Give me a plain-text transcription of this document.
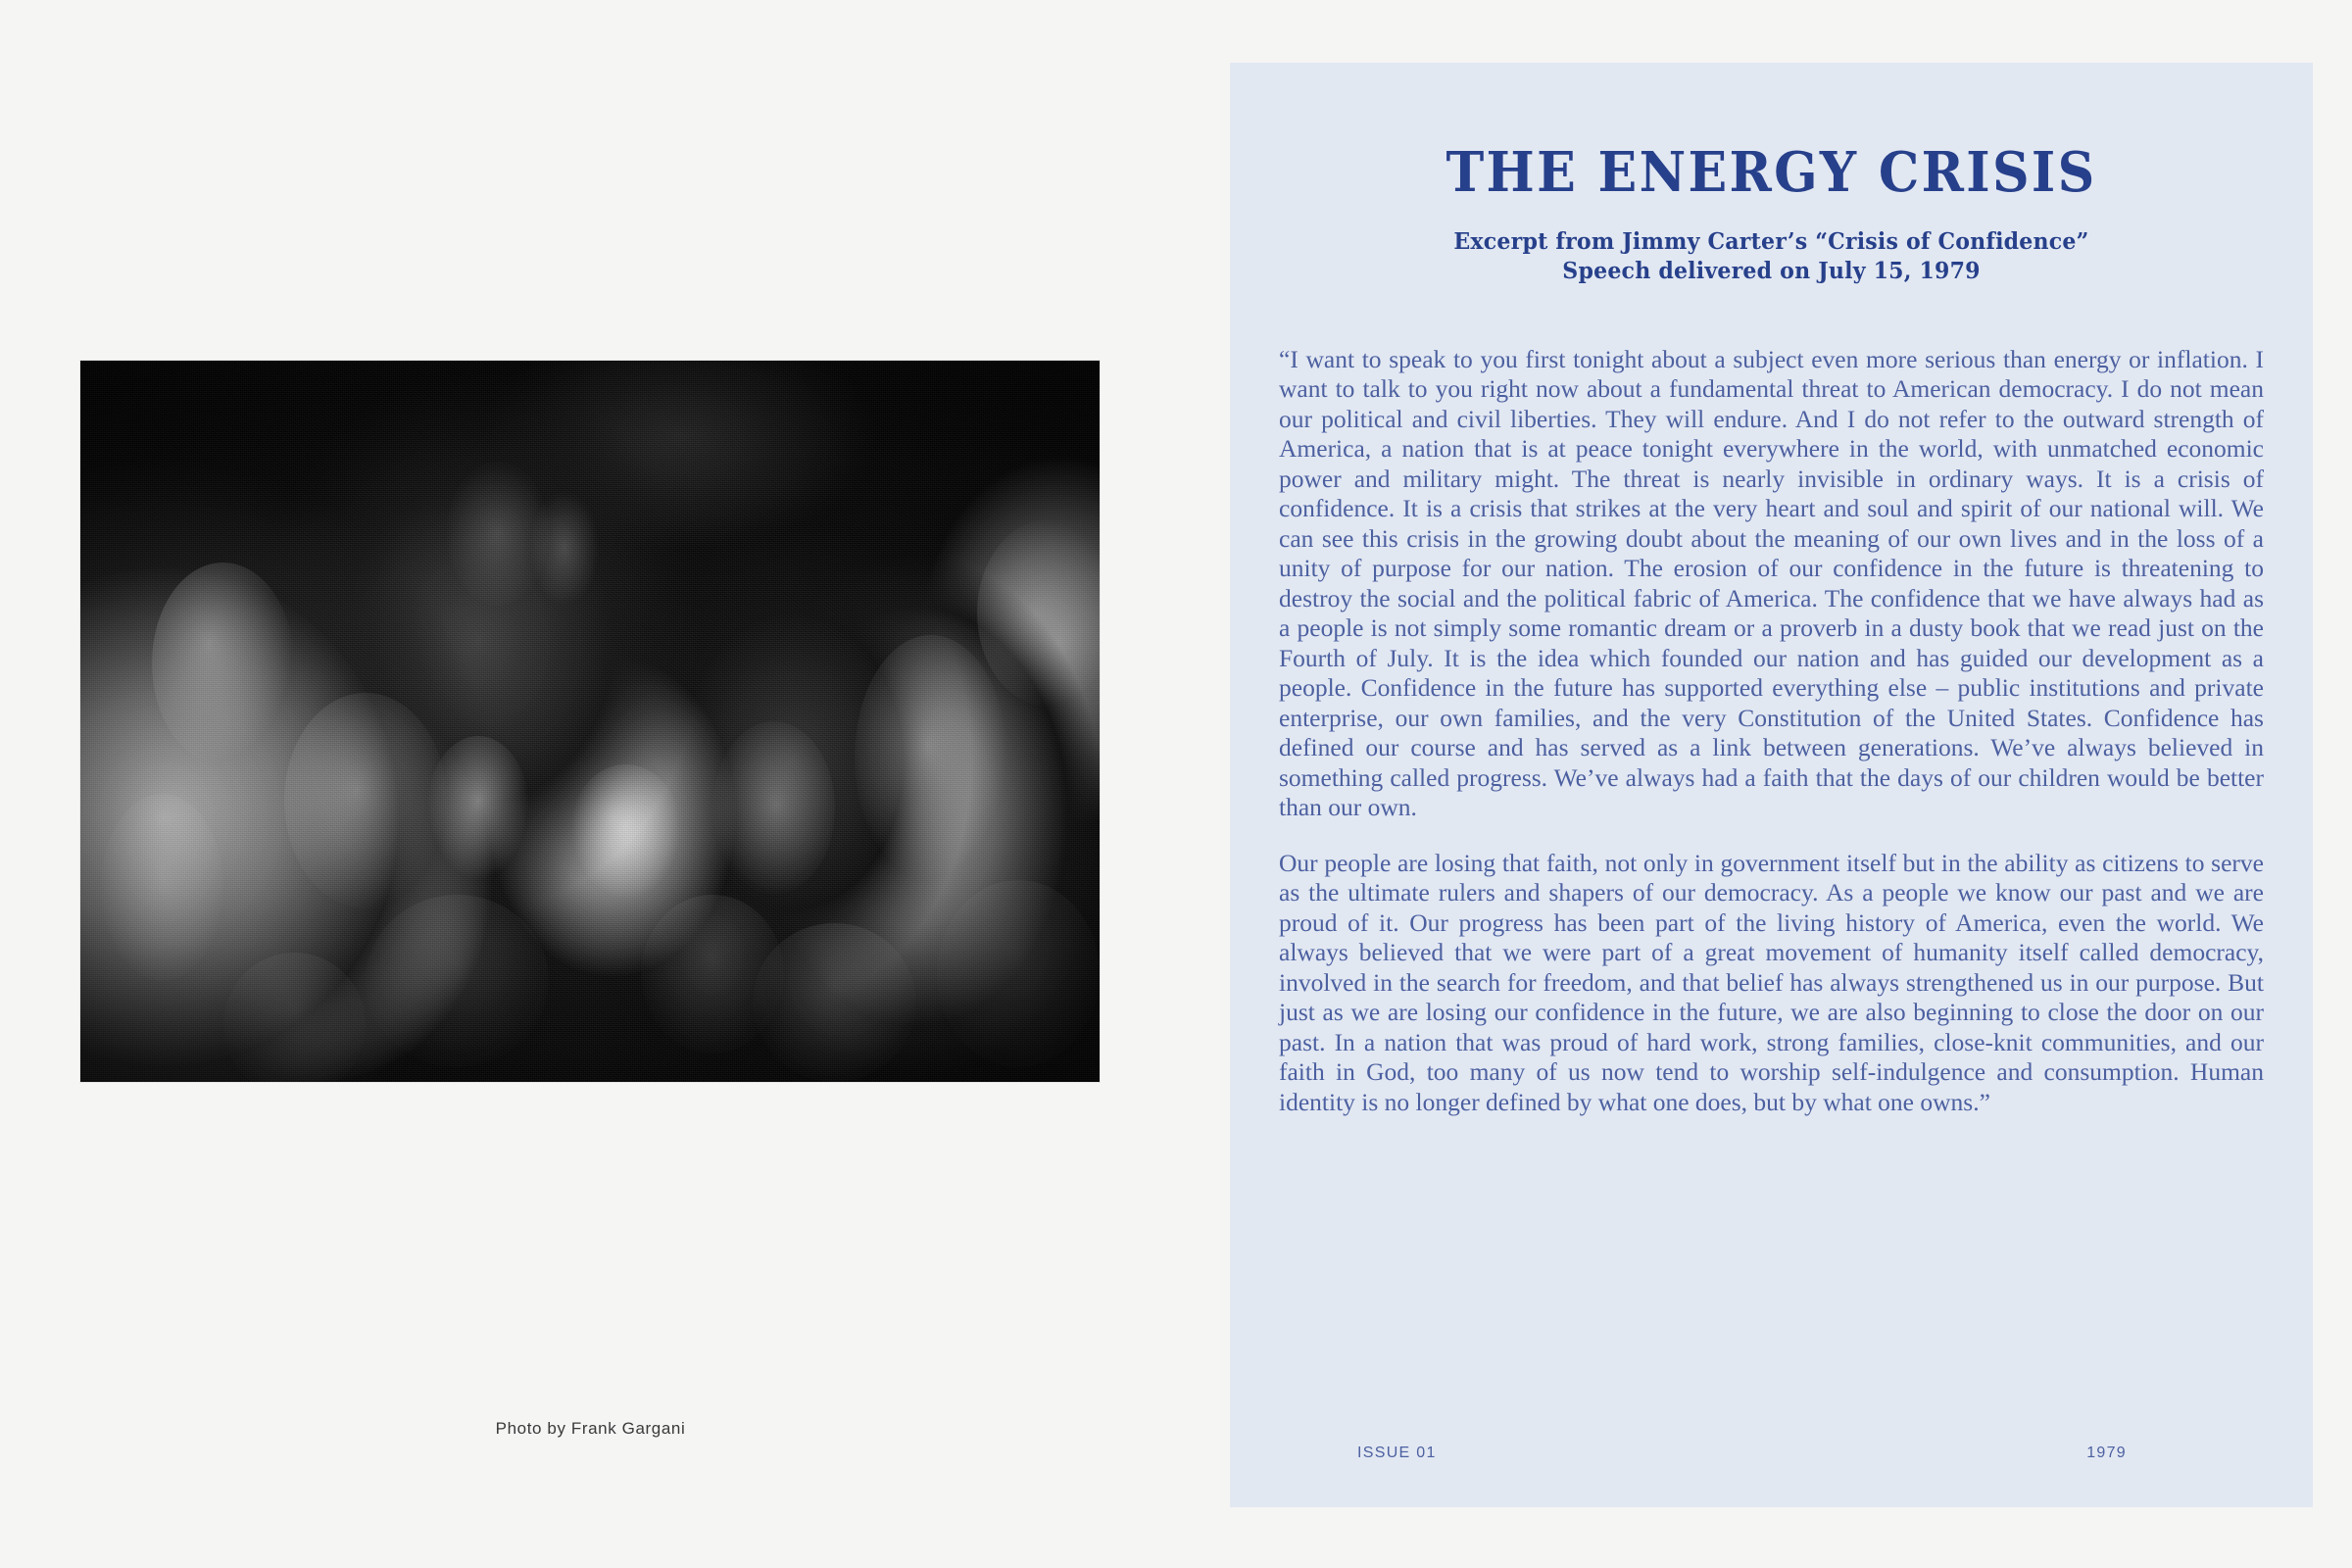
Photo by Frank Gargani
THE ENERGY CRISIS
Excerpt from Jimmy Carter’s “Crisis of Confidence”
Speech delivered on July 15, 1979

“I want to speak to you first tonight about a subject even more serious than energy or inflation. I want to talk to you right now about a fundamental threat to American democracy. I do not mean our political and civil liberties. They will endure. And I do not refer to the outward strength of America, a nation that is at peace tonight everywhere in the world, with unmatched economic power and military might. The threat is nearly invisible in ordinary ways. It is a crisis of confidence. It is a crisis that strikes at the very heart and soul and spirit of our national will. We can see this crisis in the growing doubt about the meaning of our own lives and in the loss of a unity of purpose for our nation. The erosion of our confidence in the future is threatening to destroy the social and the political fabric of America. The confidence that we have always had as a people is not simply some romantic dream or a proverb in a dusty book that we read just on the Fourth of July. It is the idea which founded our nation and has guided our development as a people. Confidence in the future has supported everything else – public institutions and private enterprise, our own families, and the very Constitution of the United States. Confidence has defined our course and has served as a link between generations. We’ve always believed in something called progress. We’ve always had a faith that the days of our children would be better than our own.

Our people are losing that faith, not only in government itself but in the ability as citizens to serve as the ultimate rulers and shapers of our democracy. As a people we know our past and we are proud of it. Our progress has been part of the living history of America, even the world. We always believed that we were part of a great movement of humanity itself called democracy, involved in the search for freedom, and that belief has always strengthened us in our purpose. But just as we are losing our confidence in the future, we are also beginning to close the door on our past. In a nation that was proud of hard work, strong families, close-knit communities, and our faith in God, too many of us now tend to worship self-indulgence and consumption. Human identity is no longer defined by what one does, but by what one owns.”

ISSUE 01	1979
